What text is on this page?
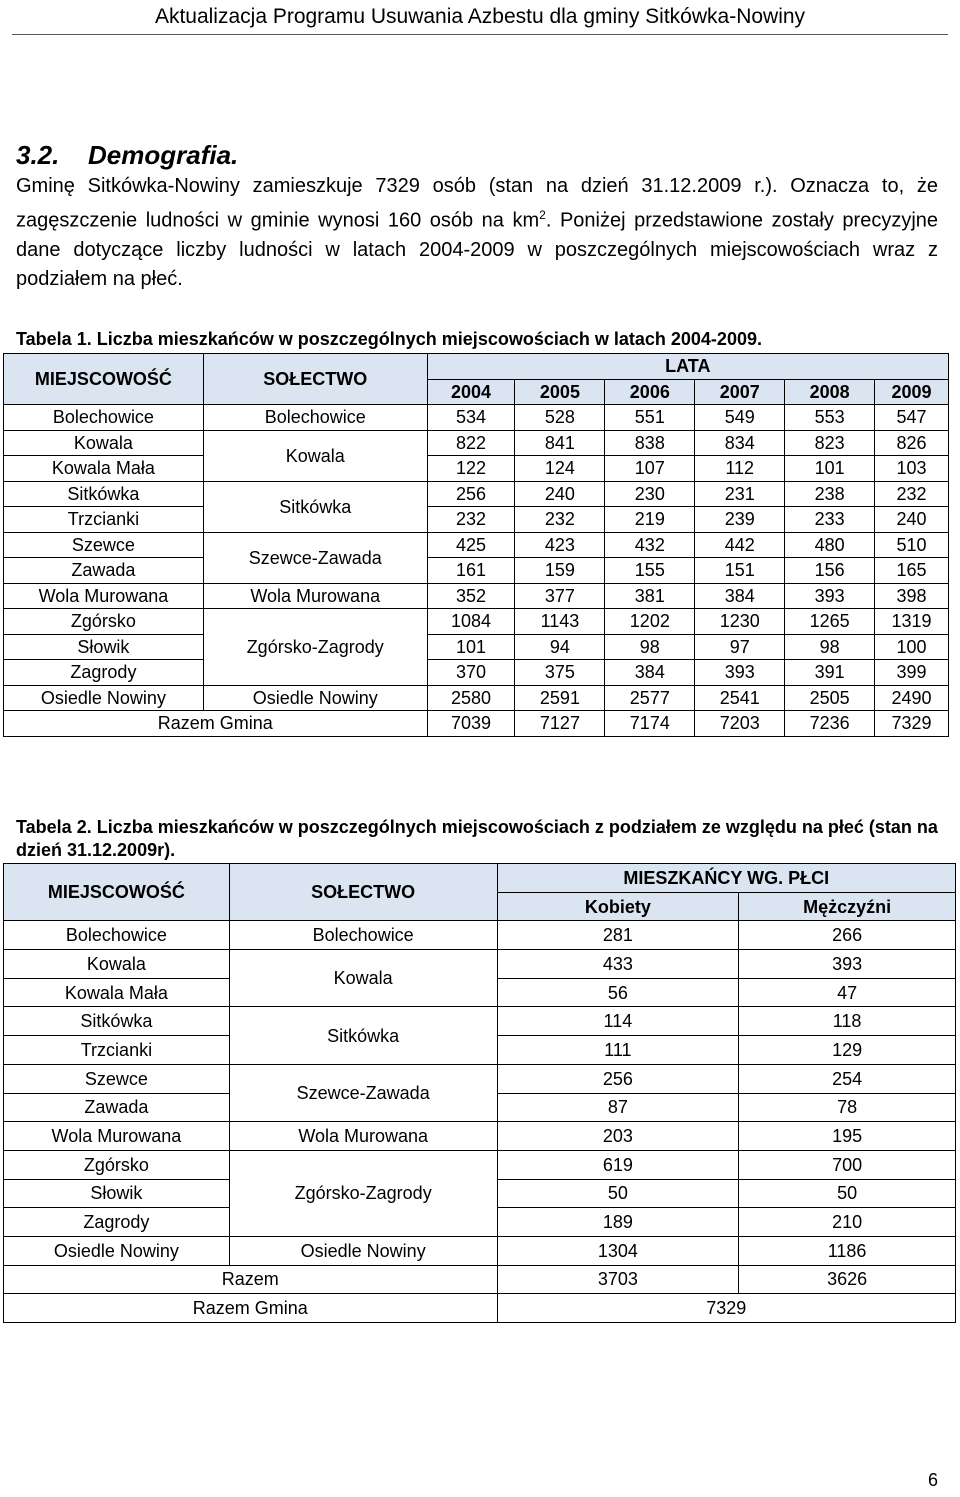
Aktualizacja Programu Usuwania Azbestu dla gminy Sitkówka-Nowiny
3.2. Demografia.

Gminę Sitkówka-Nowiny zamieszkuje 7329 osób (stan na dzień 31.12.2009 r.). Oznacza to, że zagęszczenie ludności w gminie wynosi 160 osób na $km^2$. Poniżej przedstawione zostały precyzyjne dane dotyczące liczby ludności w latach 2004-2009 w poszczególnych miejscowościach wraz z podziałem na płeć.

Tabela 1. Liczba mieszkańców w poszczególnych miejscowościach w latach 2004-2009.
MIEJSCOWOŚĆ	SOŁECTWO	LATA					
		2004	2005	2006	2007	2008	2009
Bolechowice	Bolechowice	534	528	551	549	553	547
Kowala	Kowala	822	841	838	834	823	826
Kowala Mała		122	124	107	112	101	103
Sitkówka	Sitkówka	256	240	230	231	238	232
Trzcianki		232	232	219	239	233	240
Szewce	Szewce-Zawada	425	423	432	442	480	510
Zawada		161	159	155	151	156	165
Wola Murowana	Wola Murowana	352	377	381	384	393	398
Zgórsko	Zgórsko-Zagrody	1084	1143	1202	1230	1265	1319
Słowik		101	94	98	97	98	100
Zagrody		370	375	384	393	391	399
Osiedle Nowiny	Osiedle Nowiny	2580	2591	2577	2541	2505	2490
Razem Gmina		7039	7127	7174	7203	7236	7329
Tabela 2. Liczba mieszkańców w poszczególnych miejscowościach z podziałem ze względu na płeć (stan na dzień 31.12.2009r).
MIEJSCOWOŚĆ	SOŁECTWO	MIESZKAŃCY WG. PŁCI	
		Kobiety	Mężczyźni
Bolechowice	Bolechowice	281	266
Kowala	Kowala	433	393
Kowala Mała		56	47
Sitkówka	Sitkówka	114	118
Trzcianki		111	129
Szewce	Szewce-Zawada	256	254
Zawada		87	78
Wola Murowana	Wola Murowana	203	195
Zgórsko	Zgórsko-Zagrody	619	700
Słowik		50	50
Zagrody		189	210
Osiedle Nowiny	Osiedle Nowiny	1304	1186
Razem		3703	3626
Razem Gmina		7329	
6
